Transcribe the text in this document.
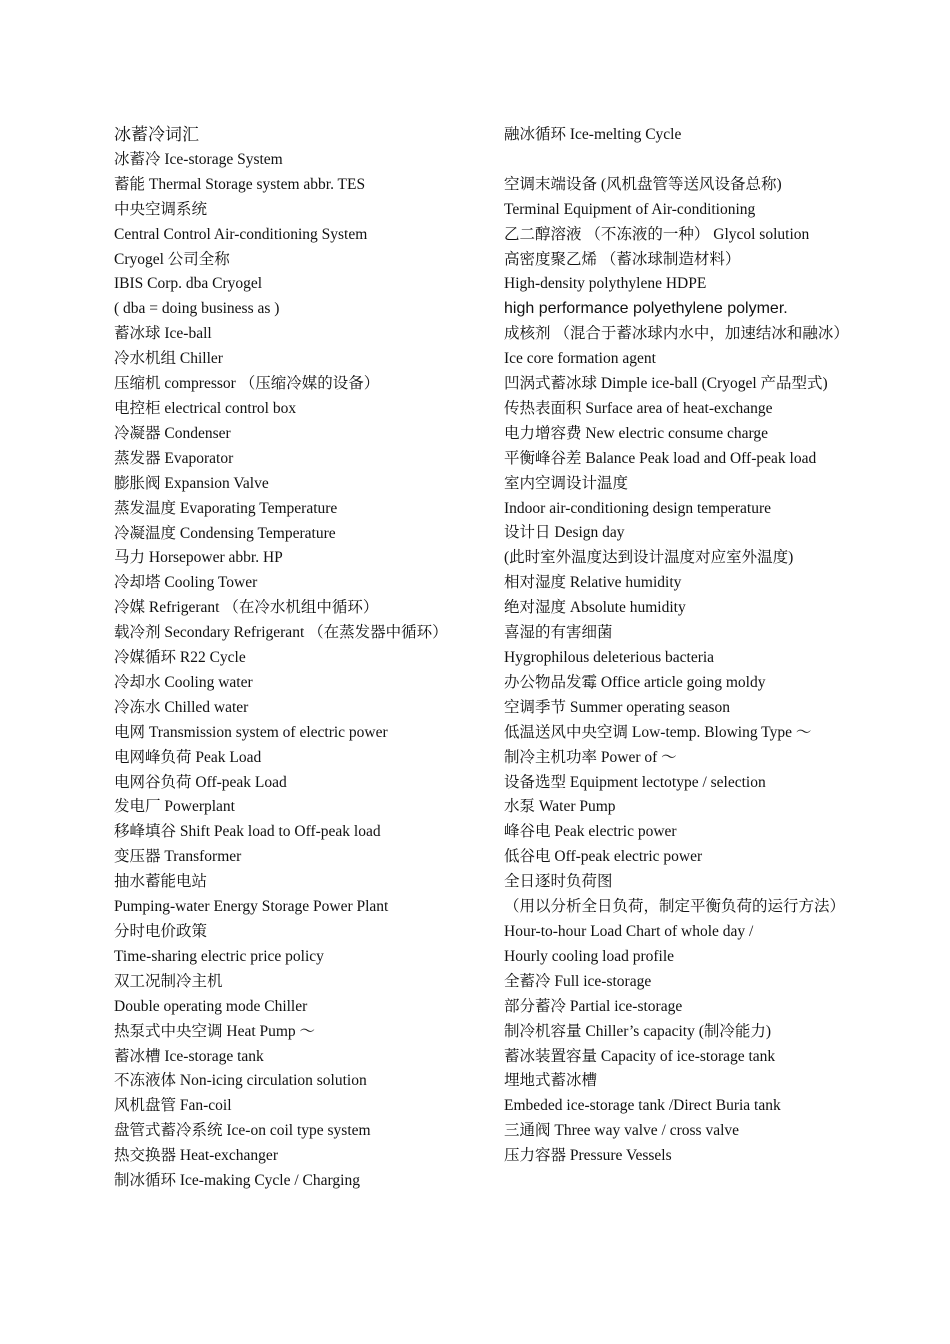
冰蓄冷词汇
冰蓄冷 Ice-storage System
蓄能 Thermal Storage system abbr. TES
中央空调系统
Central Control Air-conditioning System
Cryogel 公司全称
IBIS Corp. dba Cryogel
( dba = doing business as )
蓄冰球 Ice-ball
冷水机组 Chiller
压缩机 compressor （压缩冷媒的设备）
电控柜 electrical control box
冷凝器 Condenser
蒸发器 Evaporator
膨胀阀 Expansion Valve
蒸发温度 Evaporating Temperature
冷凝温度 Condensing Temperature
马力 Horsepower abbr. HP
冷却塔 Cooling Tower
冷媒 Refrigerant （在冷水机组中循环）
载冷剂 Secondary Refrigerant （在蒸发器中循环）
冷媒循环 R22 Cycle
冷却水 Cooling water
冷冻水 Chilled water
电网 Transmission system of electric power
电网峰负荷 Peak Load
电网谷负荷 Off-peak Load
发电厂 Powerplant
移峰填谷 Shift Peak load to Off-peak load
变压器 Transformer
抽水蓄能电站
Pumping-water Energy Storage Power Plant
分时电价政策
Time-sharing electric price policy
双工况制冷主机
Double operating mode Chiller
热泵式中央空调 Heat Pump ～
蓄冰槽 Ice-storage tank
不冻液体 Non-icing circulation solution
风机盘管 Fan-coil
盘管式蓄冷系统 Ice-on coil type system
热交换器 Heat-exchanger
制冰循环 Ice-making Cycle / Charging
融冰循环 Ice-melting Cycle
空调末端设备 (风机盘管等送风设备总称)
Terminal Equipment of Air-conditioning
乙二醇溶液 （不冻液的一种） Glycol solution
高密度聚乙烯 （蓄冰球制造材料）
High-density polythylene HDPE
high performance polyethylene polymer.
成核剂 （混合于蓄冰球内水中，加速结冰和融冰）
Ice core formation agent
凹涡式蓄冰球 Dimple ice-ball (Cryogel 产品型式)
传热表面积 Surface area of heat-exchange
电力增容费 New electric consume charge
平衡峰谷差 Balance Peak load and Off-peak load
室内空调设计温度
Indoor air-conditioning design temperature
设计日 Design day
(此时室外温度达到设计温度对应室外温度)
相对湿度 Relative humidity
绝对湿度 Absolute humidity
喜湿的有害细菌
Hygrophilous deleterious bacteria
办公物品发霉 Office article going moldy
空调季节 Summer operating season
低温送风中央空调 Low-temp. Blowing Type ～
制冷主机功率 Power of ～
设备选型 Equipment lectotype / selection
水泵 Water Pump
峰谷电 Peak electric power
低谷电 Off-peak electric power
全日逐时负荷图
（用以分析全日负荷，制定平衡负荷的运行方法）
Hour-to-hour Load Chart of whole day /
Hourly cooling load profile
全蓄冷 Full ice-storage
部分蓄冷 Partial ice-storage
制冷机容量 Chiller’s capacity (制冷能力)
蓄冰装置容量 Capacity of ice-storage tank
埋地式蓄冰槽
Embeded ice-storage tank /Direct Buria tank
三通阀 Three way valve / cross valve
压力容器 Pressure Vessels
